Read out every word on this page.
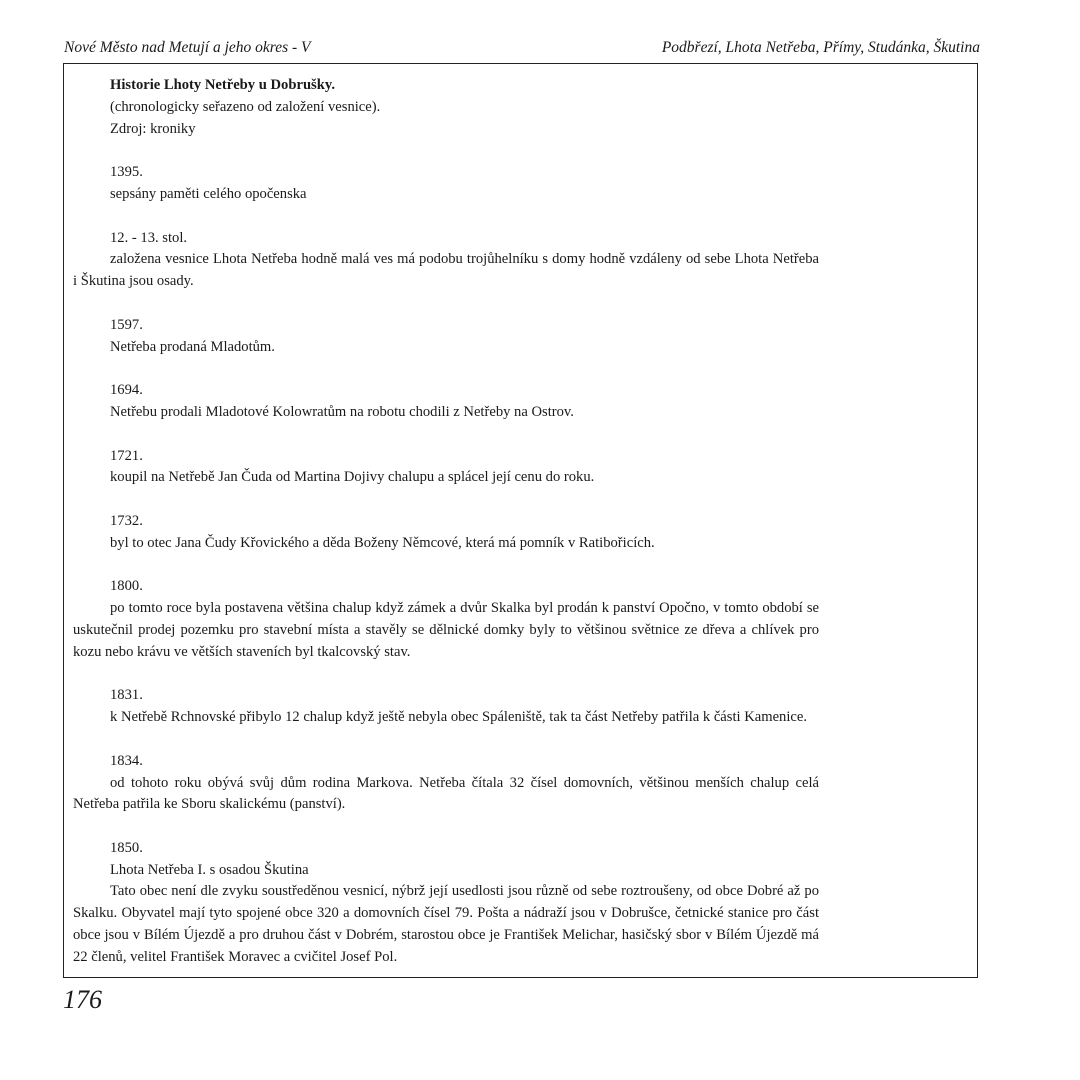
Nové Město nad Metují a jeho okres - V	Podbřezí, Lhota Netřeba, Přímy, Studánka, Škutina
Historie Lhoty Netřeby u Dobrušky.
(chronologicky seřazeno od založení vesnice).
Zdroj: kroniky
1395.
sepsány paměti celého opočenska
12. - 13. stol.
založena vesnice Lhota Netřeba hodně malá ves má podobu trojůhelníku s domy hodně vzdáleny od sebe Lhota Netřeba i Škutina jsou osady.
1597.
Netřeba prodaná Mladotům.
1694.
Netřebu prodali Mladotové Kolowratům na robotu chodili z Netřeby na Ostrov.
1721.
koupil na Netřebě Jan Čuda od Martina Dojivy chalupu a splácel její cenu do roku.
1732.
byl to otec Jana Čudy Křovického a děda Boženy Němcové, která má pomník v Ratibořicích.
1800.
po tomto roce byla postavena většina chalup když zámek a dvůr Skalka byl prodán k panství Opočno, v tomto období se uskutečnil prodej pozemku pro stavební místa a stavěly se dělnické domky byly to většinou světnice ze dřeva a chlívek pro kozu nebo krávu ve větších staveních byl tkalcovský stav.
1831.
k Netřebě Rchnovské přibylo 12 chalup když ještě nebyla obec Spáleniště, tak ta část Netřeby patřila k části Kamenice.
1834.
od tohoto roku obývá svůj dům rodina Markova. Netřeba čítala 32 čísel domovních, většinou menších chalup celá Netřeba patřila ke Sboru skalickému (panství).
1850.
Lhota Netřeba I. s osadou Škutina
Tato obec není dle zvyku soustředěnou vesnicí, nýbrž její usedlosti jsou různě od sebe roztroušeny, od obce Dobré až po Skalku. Obyvatel mají tyto spojené obce 320 a domovních čísel 79. Pošta a nádraží jsou v Dobrušce, četnické stanice pro část obce jsou v Bílém Újezdě a pro druhou část v Dobrém, starostou obce je František Melichar, hasičský sbor v Bílém Újezdě má 22 členů, velitel František Moravec a cvičitel Josef Pol.
176
